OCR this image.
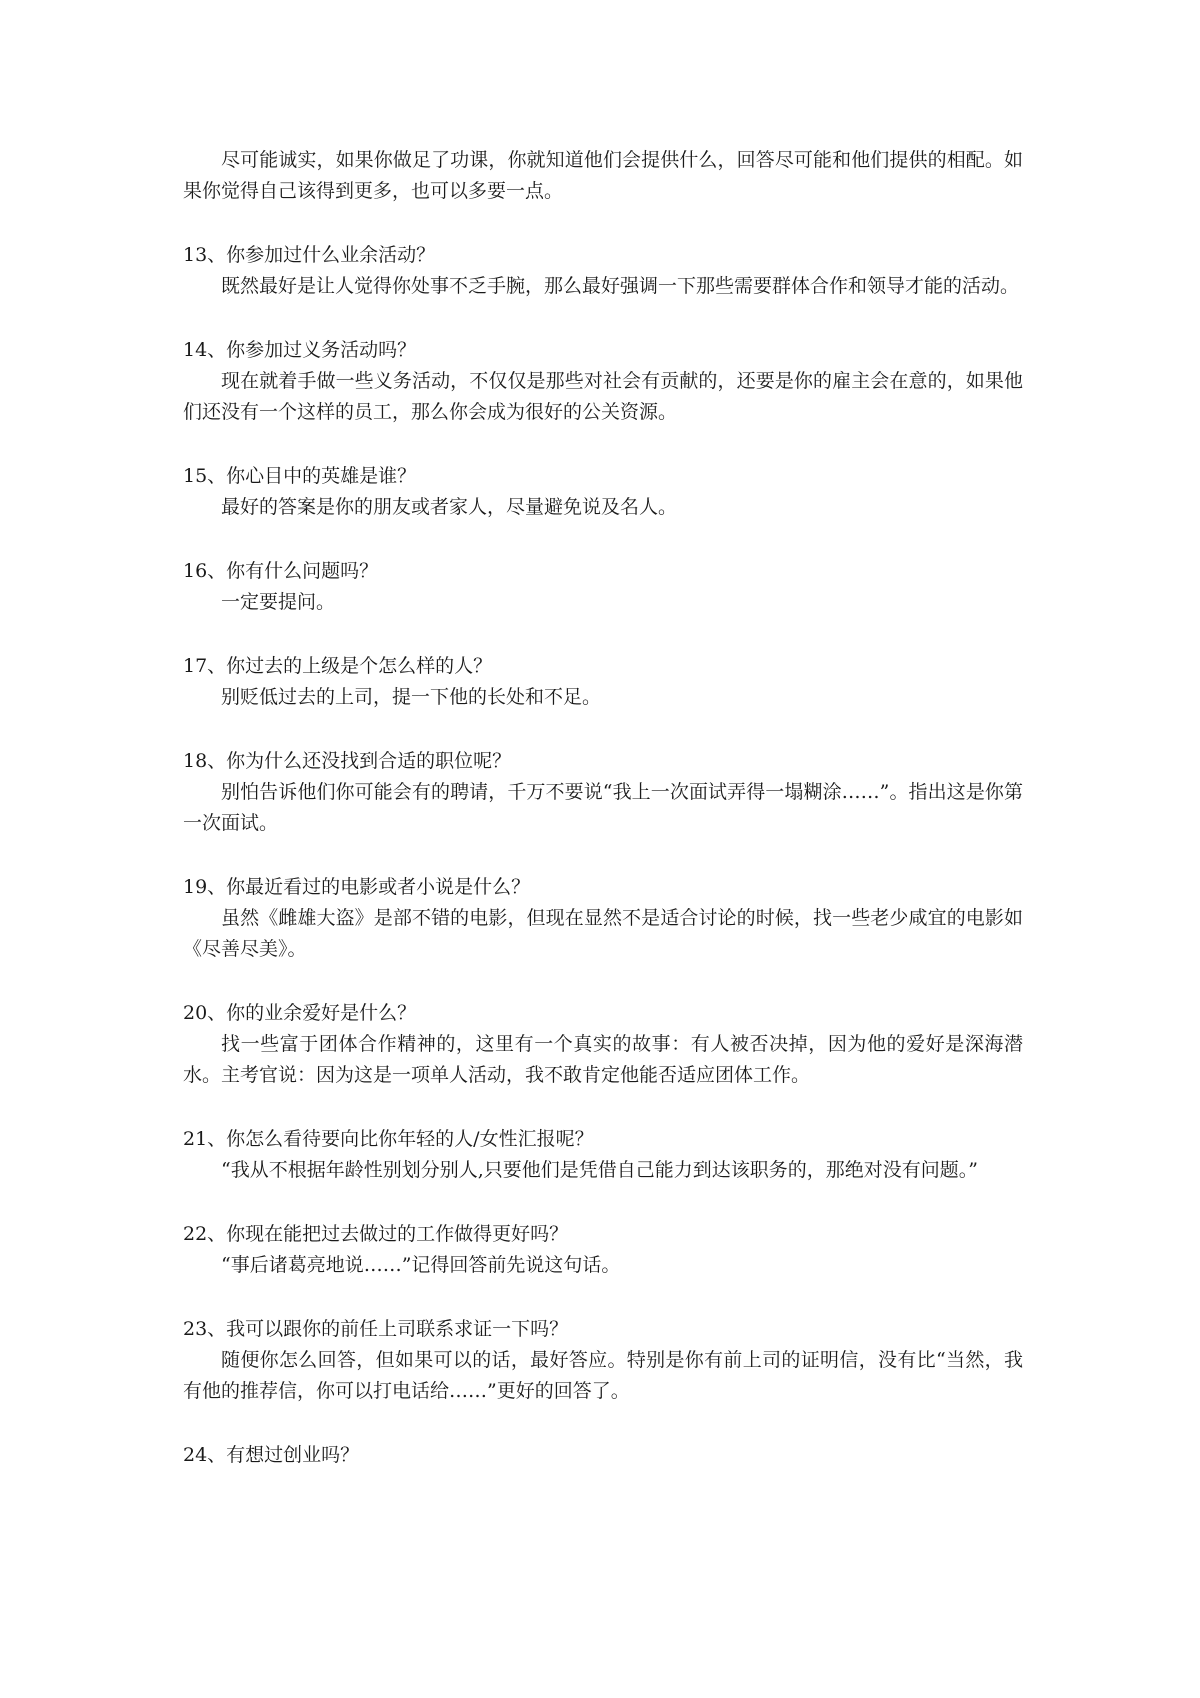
尽可能诚实，如果你做足了功课，你就知道他们会提供什么，回答尽可能和他们提供的相配。如果你觉得自己该得到更多，也可以多要一点。

13、你参加过什么业余活动？

既然最好是让人觉得你处事不乏手腕，那么最好强调一下那些需要群体合作和领导才能的活动。

14、你参加过义务活动吗？

现在就着手做一些义务活动，不仅仅是那些对社会有贡献的，还要是你的雇主会在意的，如果他们还没有一个这样的员工，那么你会成为很好的公关资源。

15、你心目中的英雄是谁？

最好的答案是你的朋友或者家人，尽量避免说及名人。

16、你有什么问题吗？

一定要提问。

17、你过去的上级是个怎么样的人？

别贬低过去的上司，提一下他的长处和不足。

18、你为什么还没找到合适的职位呢？

别怕告诉他们你可能会有的聘请，千万不要说“我上一次面试弄得一塌糊涂……”。指出这是你第一次面试。

19、你最近看过的电影或者小说是什么？

虽然《雌雄大盗》是部不错的电影，但现在显然不是适合讨论的时候，找一些老少咸宜的电影如《尽善尽美》。

20、你的业余爱好是什么？

找一些富于团体合作精神的，这里有一个真实的故事：有人被否决掉，因为他的爱好是深海潜水。主考官说：因为这是一项单人活动，我不敢肯定他能否适应团体工作。

21、你怎么看待要向比你年轻的人/女性汇报呢？

“我从不根据年龄性别划分别人,只要他们是凭借自己能力到达该职务的，那绝对没有问题。”

22、你现在能把过去做过的工作做得更好吗？

“事后诸葛亮地说……”记得回答前先说这句话。

23、我可以跟你的前任上司联系求证一下吗？

随便你怎么回答，但如果可以的话，最好答应。特别是你有前上司的证明信，没有比“当然，我有他的推荐信，你可以打电话给……”更好的回答了。

24、有想过创业吗？
